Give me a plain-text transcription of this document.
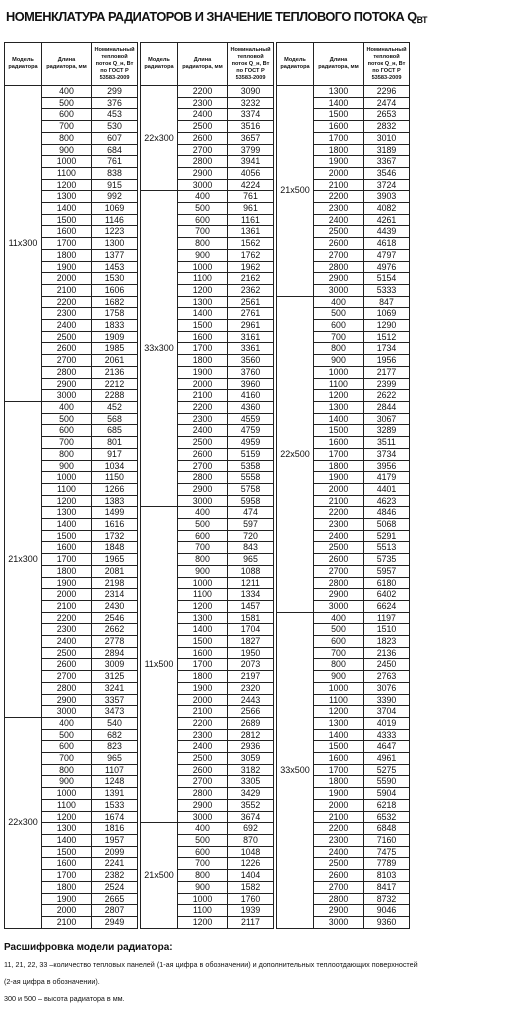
НОМЕНКЛАТУРА РАДИАТОРОВ И ЗНАЧЕНИЕ ТЕПЛОВОГО ПОТОКА $Q_{ВТ}$
Модель радиатора	Длина радиатора, мм	Номинальный тепловой поток Q_н, Вт по ГОСТ Р 53583-2009
11x300	400	299
	500	376
	600	453
	700	530
	800	607
	900	684
	1000	761
	1100	838
	1200	915
	1300	992
	1400	1069
	1500	1146
	1600	1223
	1700	1300
	1800	1377
	1900	1453
	2000	1530
	2100	1606
	2200	1682
	2300	1758
	2400	1833
	2500	1909
	2600	1985
	2700	2061
	2800	2136
	2900	2212
	3000	2288
21x300	400	452
	500	568
	600	685
	700	801
	800	917
	900	1034
	1000	1150
	1100	1266
	1200	1383
	1300	1499
	1400	1616
	1500	1732
	1600	1848
	1700	1965
	1800	2081
	1900	2198
	2000	2314
	2100	2430
	2200	2546
	2300	2662
	2400	2778
	2500	2894
	2600	3009
	2700	3125
	2800	3241
	2900	3357
	3000	3473
22x300	400	540
	500	682
	600	823
	700	965
	800	1107
	900	1248
	1000	1391
	1100	1533
	1200	1674
	1300	1816
	1400	1957
	1500	2099
	1600	2241
	1700	2382
	1800	2524
	1900	2665
	2000	2807
	2100	2949
Модель радиатора	Длина радиатора, мм	Номинальный тепловой поток Q_н, Вт по ГОСТ Р 53583-2009
22x300	2200	3090
	2300	3232
	2400	3374
	2500	3516
	2600	3657
	2700	3799
	2800	3941
	2900	4056
	3000	4224
33x300	400	761
	500	961
	600	1161
	700	1361
	800	1562
	900	1762
	1000	1962
	1100	2162
	1200	2362
	1300	2561
	1400	2761
	1500	2961
	1600	3161
	1700	3361
	1800	3560
	1900	3760
	2000	3960
	2100	4160
	2200	4360
	2300	4559
	2400	4759
	2500	4959
	2600	5159
	2700	5358
	2800	5558
	2900	5758
	3000	5958
11x500	400	474
	500	597
	600	720
	700	843
	800	965
	900	1088
	1000	1211
	1100	1334
	1200	1457
	1300	1581
	1400	1704
	1500	1827
	1600	1950
	1700	2073
	1800	2197
	1900	2320
	2000	2443
	2100	2566
	2200	2689
	2300	2812
	2400	2936
	2500	3059
	2600	3182
	2700	3305
	2800	3429
	2900	3552
	3000	3674
21x500	400	692
	500	870
	600	1048
	700	1226
	800	1404
	900	1582
	1000	1760
	1100	1939
	1200	2117
Модель радиатора	Длина радиатора, мм	Номинальный тепловой поток Q_н, Вт по ГОСТ Р 53583-2009
21x500	1300	2296
	1400	2474
	1500	2653
	1600	2832
	1700	3010
	1800	3189
	1900	3367
	2000	3546
	2100	3724
	2200	3903
	2300	4082
	2400	4261
	2500	4439
	2600	4618
	2700	4797
	2800	4976
	2900	5154
	3000	5333
22x500	400	847
	500	1069
	600	1290
	700	1512
	800	1734
	900	1956
	1000	2177
	1100	2399
	1200	2622
	1300	2844
	1400	3067
	1500	3289
	1600	3511
	1700	3734
	1800	3956
	1900	4179
	2000	4401
	2100	4623
	2200	4846
	2300	5068
	2400	5291
	2500	5513
	2600	5735
	2700	5957
	2800	6180
	2900	6402
	3000	6624
33x500	400	1197
	500	1510
	600	1823
	700	2136
	800	2450
	900	2763
	1000	3076
	1100	3390
	1200	3704
	1300	4019
	1400	4333
	1500	4647
	1600	4961
	1700	5275
	1800	5590
	1900	5904
	2000	6218
	2100	6532
	2200	6848
	2300	7160
	2400	7475
	2500	7789
	2600	8103
	2700	8417
	2800	8732
	2900	9046
	3000	9360
Расшифровка модели радиатора:
11, 21, 22, 33 –количество тепловых панелей (1-ая цифра в обозначении) и дополнительных теплоотдающих поверхностей
(2-ая цифра в обозначении).
300 и 500 – высота радиатора в мм.
